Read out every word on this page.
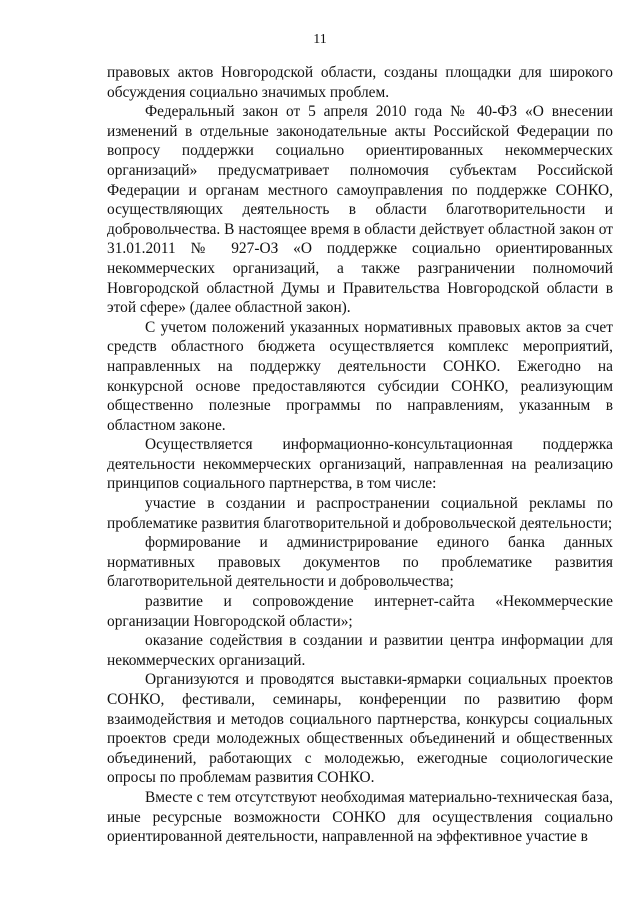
11

правовых актов Новгородской области, созданы площадки для широкого обсуждения социально значимых проблем.

Федеральный закон от 5 апреля 2010 года № 40-ФЗ «О внесении изменений в отдельные законодательные акты Российской Федерации по вопросу поддержки социально ориентированных некоммерческих организаций» предусматривает полномочия субъектам Российской Федерации и органам местного самоуправления по поддержке СОНКО, осуществляющих деятельность в области благотворительности и добровольчества. В настоящее время в области действует областной закон от 31.01.2011 № 927-ОЗ «О поддержке социально ориентированных некоммерческих организаций, а также разграничении полномочий Новгородской областной Думы и Правительства Новгородской области в этой сфере» (далее областной закон).

С учетом положений указанных нормативных правовых актов за счет средств областного бюджета осуществляется комплекс мероприятий, направленных на поддержку деятельности СОНКО. Ежегодно на конкурсной основе предоставляются субсидии СОНКО, реализующим общественно полезные программы по направлениям, указанным в областном законе.

Осуществляется информационно-консультационная поддержка деятельности некоммерческих организаций, направленная на реализацию принципов социального партнерства, в том числе:

участие в создании и распространении социальной рекламы по проблематике развития благотворительной и добровольческой деятельности;

формирование и администрирование единого банка данных нормативных правовых документов по проблематике развития благотворительной деятельности и добровольчества;

развитие и сопровождение интернет-сайта «Некоммерческие организации Новгородской области»;

оказание содействия в создании и развитии центра информации для некоммерческих организаций.

Организуются и проводятся выставки-ярмарки социальных проектов СОНКО, фестивали, семинары, конференции по развитию форм взаимодействия и методов социального партнерства, конкурсы социальных проектов среди молодежных общественных объединений и общественных объединений, работающих с молодежью, ежегодные социологические опросы по проблемам развития СОНКО.

Вместе с тем отсутствуют необходимая материально-техническая база, иные ресурсные возможности СОНКО для осуществления социально ориентированной деятельности, направленной на эффективное участие в
